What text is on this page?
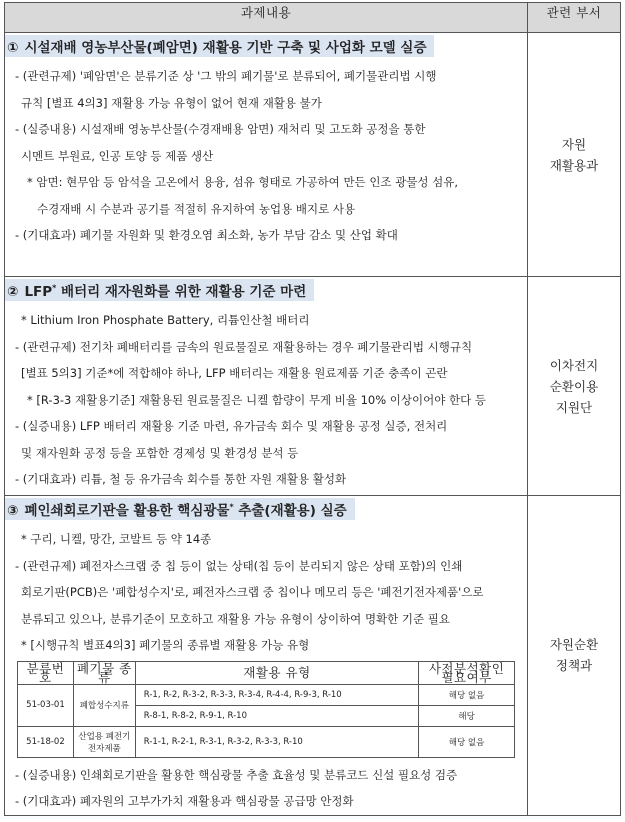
과제내용	관련 부서

① 시설재배 영농부산물(폐암면) 재활용 기반 구축 및 사업화 모델 실증
- (관련규제) '폐암면'은 분류기준 상 '그 밖의 폐기물'로 분류되어, 폐기물관리법 시행
규칙 [별표 4의3] 재활용 가능 유형이 없어 현재 재활용 불가
- (실증내용) 시설재배 영농부산물(수경재배용 암면) 재처리 및 고도화 공정을 통한
시멘트 부원료, 인공 토양 등 제품 생산
* 암면: 현무암 등 암석을 고온에서 용융, 섬유 형태로 가공하여 만든 인조 광물성 섬유,
수경재배 시 수분과 공기를 적절히 유지하여 농업용 배지로 사용
- (기대효과) 폐기물 자원화 및 환경오염 최소화, 농가 부담 감소 및 산업 확대

자원
재활용과

② LFP* 배터리 재자원화를 위한 재활용 기준 마련
* Lithium Iron Phosphate Battery, 리튬인산철 배터리
- (관련규제) 전기차 폐배터리를 금속의 원료물질로 재활용하는 경우 폐기물관리법 시행규칙
[별표 5의3] 기준*에 적합해야 하나, LFP 배터리는 재활용 원료제품 기준 충족이 곤란
* [R-3-3 재활용기준] 재활용된 원료물질은 니켈 함량이 무게 비율 10% 이상이어야 한다 등
- (실증내용) LFP 배터리 재활용 기준 마련, 유가금속 회수 및 재활용 공정 실증, 전처리
및 재자원화 공정 등을 포함한 경제성 및 환경성 분석 등
- (기대효과) 리튬, 철 등 유가금속 회수를 통한 자원 재활용 활성화

이차전지
순환이용
지원단

③ 폐인쇄회로기판을 활용한 핵심광물* 추출(재활용) 실증
* 구리, 니켈, 망간, 코발트 등 약 14종
- (관련규제) 폐전자스크랩 중 칩 등이 없는 상태(칩 등이 분리되지 않은 상태 포함)의 인쇄
회로기판(PCB)은 '폐합성수지'로, 폐전자스크랩 중 칩이나 메모리 등은 '폐전기전자제품'으로
분류되고 있으나, 분류기준이 모호하고 재활용 가능 유형이 상이하여 명확한 기준 필요
* [시행규칙 별표4의3] 폐기물의 종류별 재활용 가능 유형
분류번호	폐기물 종류	재활용 유형	사전분석확인 필요여부
51-03-01	폐합성수지류	R-1, R-2, R-3-2, R-3-3, R-3-4, R-4-4, R-9-3, R-10	해당 없음
R-8-1, R-8-2, R-9-1, R-10	해당
51-18-02	산업용 폐전기 전자제품	R-1-1, R-2-1, R-3-1, R-3-2, R-3-3, R-10	해당 없음
- (실증내용) 인쇄회로기판을 활용한 핵심광물 추출 효율성 및 분류코드 신설 필요성 검증
- (기대효과) 폐자원의 고부가가치 재활용과 핵심광물 공급망 안정화

자원순환
정책과
